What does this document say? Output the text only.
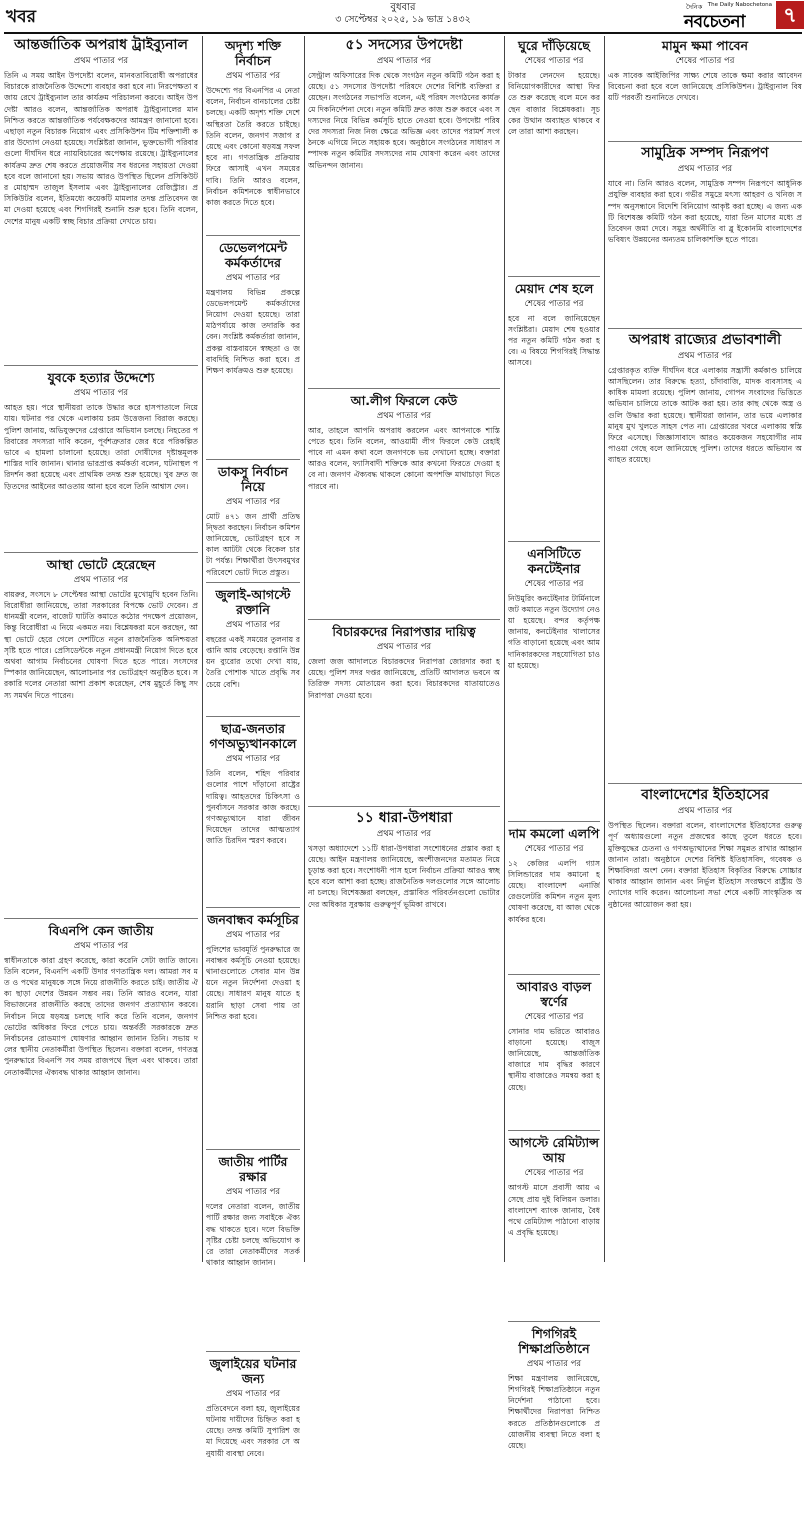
খবর	বুধবার
৩ সেপ্টেম্বর ২০২৫, ১৯ ভাদ্র ১৪৩২
দৈনিক The Daily Nabochetona
নবচেতনা	৭
আন্তর্জাতিক অপরাধ ট্রাইব্যুনাল
প্রথম পাতার পর
তিনি এ সময় আইন উপদেষ্টা বলেন, মানবতাবিরোধী অপরাধের বিচারকে রাজনৈতিক উদ্দেশ্যে ব্যবহার করা হবে না। নিরপেক্ষতা বজায় রেখে ট্রাইব্যুনাল তার কার্যক্রম পরিচালনা করবে। আইন উপদেষ্টা আরও বলেন, আন্তর্জাতিক অপরাধ ট্রাইব্যুনালের মান নিশ্চিত করতে আন্তর্জাতিক পর্যবেক্ষকদের আমন্ত্রণ জানানো হবে। এছাড়া নতুন বিচারক নিয়োগ এবং প্রসিকিউশন টিম শক্তিশালী করার উদ্যোগ নেওয়া হয়েছে। সংশ্লিষ্টরা জানান, ভুক্তভোগী পরিবারগুলো দীর্ঘদিন ধরে ন্যায়বিচারের অপেক্ষায় রয়েছে। ট্রাইব্যুনালের কার্যক্রম দ্রুত শেষ করতে প্রয়োজনীয় সব ধরনের সহায়তা দেওয়া হবে বলে জানানো হয়। সভায় আরও উপস্থিত ছিলেন প্রসিকিউটর মোহাম্মদ তাজুল ইসলাম এবং ট্রাইব্যুনালের রেজিস্ট্রার। প্রসিকিউটর বলেন, ইতিমধ্যে কয়েকটি মামলার তদন্ত প্রতিবেদন জমা দেওয়া হয়েছে এবং শিগগিরই শুনানি শুরু হবে। তিনি বলেন, দেশের মানুষ একটি স্বচ্ছ বিচার প্রক্রিয়া দেখতে চায়।
যুবকে হত্যার উদ্দেশ্যে
প্রথম পাতার পর
আহত হয়। পরে স্থানীয়রা তাকে উদ্ধার করে হাসপাতালে নিয়ে যায়। ঘটনার পর থেকে এলাকায় চরম উত্তেজনা বিরাজ করছে। পুলিশ জানায়, অভিযুক্তদের গ্রেপ্তারে অভিযান চলছে। নিহতের পরিবারের সদস্যরা দাবি করেন, পূর্বশত্রুতার জের ধরে পরিকল্পিতভাবে এ হামলা চালানো হয়েছে। তারা দোষীদের দৃষ্টান্তমূলক শাস্তির দাবি জানান। থানার ভারপ্রাপ্ত কর্মকর্তা বলেন, ঘটনাস্থল পরিদর্শন করা হয়েছে এবং প্রাথমিক তদন্ত শুরু হয়েছে। খুব দ্রুত জড়িতদের আইনের আওতায় আনা হবে বলে তিনি আশ্বাস দেন।
আস্থা ভোটে হেরেছেন
প্রথম পাতার পর
বায়রুর, সংসদে ৮ সেপ্টেম্বর আস্থা ভোটের মুখোমুখি হবেন তিনি। বিরোধীরা জানিয়েছে, তারা সরকারের বিপক্ষে ভোট দেবেন। প্রধানমন্ত্রী বলেন, বাজেট ঘাটতি কমাতে কঠোর পদক্ষেপ প্রয়োজন, কিন্তু বিরোধীরা এ নিয়ে একমত নয়। বিশ্লেষকরা মনে করছেন, আস্থা ভোটে হেরে গেলে দেশটিতে নতুন রাজনৈতিক অনিশ্চয়তা সৃষ্টি হতে পারে। প্রেসিডেন্টকে নতুন প্রধানমন্ত্রী নিয়োগ দিতে হবে অথবা আগাম নির্বাচনের ঘোষণা দিতে হতে পারে। সংসদের স্পিকার জানিয়েছেন, আলোচনার পর ভোটগ্রহণ অনুষ্ঠিত হবে। সরকারি দলের নেতারা আশা প্রকাশ করেছেন, শেষ মুহূর্তে কিছু সদস্য সমর্থন দিতে পারেন।
বিএনপি কেন জাতীয়
প্রথম পাতার পর
স্বাধীনতাকে কারা গ্রহণ করেছে, কারা করেনি সেটা জাতি জানে। তিনি বলেন, বিএনপি একটি উদার গণতান্ত্রিক দল। আমরা সব মত ও পথের মানুষকে সঙ্গে নিয়ে রাজনীতি করতে চাই। জাতীয় ঐক্য ছাড়া দেশের উন্নয়ন সম্ভব নয়। তিনি আরও বলেন, যারা বিভাজনের রাজনীতি করছে তাদের জনগণ প্রত্যাখ্যান করবে। নির্বাচন নিয়ে ষড়যন্ত্র চলছে দাবি করে তিনি বলেন, জনগণ ভোটের অধিকার ফিরে পেতে চায়। অন্তর্বর্তী সরকারকে দ্রুত নির্বাচনের রোডম্যাপ ঘোষণার আহ্বান জানান তিনি। সভায় দলের স্থানীয় নেতাকর্মীরা উপস্থিত ছিলেন। বক্তারা বলেন, গণতন্ত্র পুনরুদ্ধারে বিএনপি সব সময় রাজপথে ছিল এবং থাকবে। তারা নেতাকর্মীদের ঐক্যবদ্ধ থাকার আহ্বান জানান।
অদৃশ্য শক্তি নির্বাচন
প্রথম পাতার পর
উদ্দেশ্যে পর বিএনপির এ নেতা বলেন, নির্বাচন বানচালের চেষ্টা চলছে। একটি অদৃশ্য শক্তি দেশে অস্থিরতা তৈরি করতে চাইছে। তিনি বলেন, জনগণ সজাগ রয়েছে এবং কোনো ষড়যন্ত্র সফল হবে না। গণতান্ত্রিক প্রক্রিয়ায় ফিরে আসাই এখন সময়ের দাবি। তিনি আরও বলেন, নির্বাচন কমিশনকে স্বাধীনভাবে কাজ করতে দিতে হবে।
ডেভেলপমেন্ট কর্মকর্তাদের
প্রথম পাতার পর
মন্ত্রণালয় বিভিন্ন প্রকল্পে ডেভেলপমেন্ট কর্মকর্তাদের নিয়োগ দেওয়া হয়েছে। তারা মাঠপর্যায়ে কাজ তদারকি করবেন। সংশ্লিষ্ট কর্মকর্তারা জানান, প্রকল্প বাস্তবায়নে স্বচ্ছতা ও জবাবদিহি নিশ্চিত করা হবে। প্রশিক্ষণ কার্যক্রমও শুরু হয়েছে।
ডাকসু নির্বাচন নিয়ে
প্রথম পাতার পর
মোট ৪৭১ জন প্রার্থী প্রতিদ্বন্দ্বিতা করছেন। নির্বাচন কমিশন জানিয়েছে, ভোটগ্রহণ হবে সকাল আটটা থেকে বিকেল চারটা পর্যন্ত। শিক্ষার্থীরা উৎসবমুখর পরিবেশে ভোট দিতে প্রস্তুত।
জুলাই-আগস্টে রক্তানি
প্রথম পাতার পর
বছরের একই সময়ের তুলনায় রপ্তানি আয় বেড়েছে। রপ্তানি উন্নয়ন ব্যুরোর তথ্যে দেখা যায়, তৈরি পোশাক খাতে প্রবৃদ্ধি সবচেয়ে বেশি।
ছাত্র-জনতার গণঅভ্যুত্থানকালে
প্রথম পাতার পর
তিনি বলেন, শহিদ পরিবারগুলোর পাশে দাঁড়ানো রাষ্ট্রের দায়িত্ব। আহতদের চিকিৎসা ও পুনর্বাসনে সরকার কাজ করছে। গণঅভ্যুত্থানে যারা জীবন দিয়েছেন তাদের আত্মত্যাগ জাতি চিরদিন স্মরণ করবে।
জনবান্ধব কর্মসূচির
প্রথম পাতার পর
পুলিশের ভাবমূর্তি পুনরুদ্ধারে জনবান্ধব কর্মসূচি নেওয়া হয়েছে। থানাগুলোতে সেবার মান উন্নয়নে নতুন নির্দেশনা দেওয়া হয়েছে। সাধারণ মানুষ যাতে হয়রানি ছাড়া সেবা পায় তা নিশ্চিত করা হবে।
জাতীয় পার্টির রক্ষার
প্রথম পাতার পর
দলের নেতারা বলেন, জাতীয় পার্টি রক্ষার জন্য সবাইকে ঐক্যবদ্ধ থাকতে হবে। দলে বিভক্তি সৃষ্টির চেষ্টা চলছে অভিযোগ করে তারা নেতাকর্মীদের সতর্ক থাকার আহ্বান জানান।
জুলাইয়ের ঘটনার জন্য
প্রথম পাতার পর
প্রতিবেদনে বলা হয়, জুলাইয়ের ঘটনায় দায়ীদের চিহ্নিত করা হয়েছে। তদন্ত কমিটি সুপারিশ জমা দিয়েছে এবং সরকার সে অনুযায়ী ব্যবস্থা নেবে।
৫১ সদস্যের উপদেষ্টা
প্রথম পাতার পর
সেন্ট্রাল অফিসারের দিক থেকে সংগঠন নতুন কমিটি গঠন করা হয়েছে। ৫১ সদস্যের উপদেষ্টা পরিষদে দেশের বিশিষ্ট ব্যক্তিরা রয়েছেন। সংগঠনের সভাপতি বলেন, এই পরিষদ সংগঠনের কার্যক্রমে দিকনির্দেশনা দেবে। নতুন কমিটি দ্রুত কাজ শুরু করবে এবং সদস্যদের নিয়ে বিভিন্ন কর্মসূচি হাতে নেওয়া হবে। উপদেষ্টা পরিষদের সদস্যরা নিজ নিজ ক্ষেত্রে অভিজ্ঞ এবং তাদের পরামর্শ সংগঠনকে এগিয়ে নিতে সহায়ক হবে। অনুষ্ঠানে সংগঠনের সাধারণ সম্পাদক নতুন কমিটির সদস্যদের নাম ঘোষণা করেন এবং তাদের অভিনন্দন জানান।
আ.লীগ ফিরলে কেউ
প্রথম পাতার পর
আর, তাহলে আপনি অপরাধ করলেন এবং আপনাকে শাস্তি পেতে হবে। তিনি বলেন, আওয়ামী লীগ ফিরলে কেউ রেহাই পাবে না এমন কথা বলে জনগণকে ভয় দেখানো হচ্ছে। বক্তারা আরও বলেন, ফ্যাসিবাদী শক্তিকে আর কখনো ফিরতে দেওয়া হবে না। জনগণ ঐক্যবদ্ধ থাকলে কোনো অপশক্তি মাথাচাড়া দিতে পারবে না।
বিচারকদের নিরাপত্তার দায়িত্ব
প্রথম পাতার পর
জেলা জজ আদালতে বিচারকদের নিরাপত্তা জোরদার করা হয়েছে। পুলিশ সদর দপ্তর জানিয়েছে, প্রতিটি আদালত ভবনে অতিরিক্ত সদস্য মোতায়েন করা হবে। বিচারকদের যাতায়াতেও নিরাপত্তা দেওয়া হবে।
১১ ধারা-উপধারা
প্রথম পাতার পর
খসড়া অধ্যাদেশে ১১টি ধারা-উপধারা সংশোধনের প্রস্তাব করা হয়েছে। আইন মন্ত্রণালয় জানিয়েছে, অংশীজনদের মতামত নিয়ে চূড়ান্ত করা হবে। সংশোধনী পাস হলে নির্বাচন প্রক্রিয়া আরও স্বচ্ছ হবে বলে আশা করা হচ্ছে। রাজনৈতিক দলগুলোর সঙ্গে আলোচনা চলছে। বিশেষজ্ঞরা বলছেন, প্রস্তাবিত পরিবর্তনগুলো ভোটারদের অধিকার সুরক্ষায় গুরুত্বপূর্ণ ভূমিকা রাখবে।
ঘুরে দাঁড়িয়েছে
শেষের পাতার পর
টাকার লেনদেন হয়েছে। বিনিয়োগকারীদের আস্থা ফিরতে শুরু করেছে বলে মনে করছেন বাজার বিশ্লেষকরা। সূচকের উত্থান অব্যাহত থাকবে বলে তারা আশা করছেন।
মেয়াদ শেষ হলে
শেষের পাতার পর
হবে না বলে জানিয়েছেন সংশ্লিষ্টরা। মেয়াদ শেষ হওয়ার পর নতুন কমিটি গঠন করা হবে। এ বিষয়ে শিগগিরই সিদ্ধান্ত আসবে।
এনসিটিতে কনটেইনার
শেষের পাতার পর
নিউমুরিং কনটেইনার টার্মিনালে জট কমাতে নতুন উদ্যোগ নেওয়া হয়েছে। বন্দর কর্তৃপক্ষ জানায়, কনটেইনার খালাসের গতি বাড়ানো হয়েছে এবং আমদানিকারকদের সহযোগিতা চাওয়া হয়েছে।
দাম কমলো এলপি
শেষের পাতার পর
১২ কেজির এলপি গ্যাস সিলিন্ডারের দাম কমানো হয়েছে। বাংলাদেশ এনার্জি রেগুলেটরি কমিশন নতুন মূল্য ঘোষণা করেছে, যা আজ থেকে কার্যকর হবে।
আবারও বাড়ল স্বর্ণের
শেষের পাতার পর
সোনার দাম ভরিতে আবারও বাড়ানো হয়েছে। বাজুস জানিয়েছে, আন্তর্জাতিক বাজারে দাম বৃদ্ধির কারণে স্থানীয় বাজারেও সমন্বয় করা হয়েছে।
আগস্টে রেমিট্যান্স আয়
শেষের পাতার পর
আগস্ট মাসে প্রবাসী আয় এসেছে প্রায় দুই বিলিয়ন ডলার। বাংলাদেশ ব্যাংক জানায়, বৈধ পথে রেমিট্যান্স পাঠানো বাড়ায় এ প্রবৃদ্ধি হয়েছে।
শিগগিরই শিক্ষাপ্রতিষ্ঠানে
প্রথম পাতার পর
শিক্ষা মন্ত্রণালয় জানিয়েছে, শিগগিরই শিক্ষাপ্রতিষ্ঠানে নতুন নির্দেশনা পাঠানো হবে। শিক্ষার্থীদের নিরাপত্তা নিশ্চিত করতে প্রতিষ্ঠানগুলোকে প্রয়োজনীয় ব্যবস্থা নিতে বলা হয়েছে।
মামুন ক্ষমা পাবেন
শেষের পাতার পর
এক সাবেক আইজিপির সাক্ষ্য শেষে তাকে ক্ষমা করার আবেদন বিবেচনা করা হবে বলে জানিয়েছে প্রসিকিউশন। ট্রাইব্যুনাল বিষয়টি পরবর্তী শুনানিতে দেখবে।
সামুদ্রিক সম্পদ নিরূপণ
প্রথম পাতার পর
যাবে না। তিনি আরও বলেন, সামুদ্রিক সম্পদ নিরূপণে আধুনিক প্রযুক্তি ব্যবহার করা হবে। গভীর সমুদ্রে মৎস্য আহরণ ও খনিজ সম্পদ অনুসন্ধানে বিদেশি বিনিয়োগ আকৃষ্ট করা হচ্ছে। এ জন্য একটি বিশেষজ্ঞ কমিটি গঠন করা হয়েছে, যারা তিন মাসের মধ্যে প্রতিবেদন জমা দেবে। সমুদ্র অর্থনীতি বা ব্লু ইকোনমি বাংলাদেশের ভবিষ্যৎ উন্নয়নের অন্যতম চালিকাশক্তি হতে পারে।
অপরাধ রাজ্যের প্রভাবশালী
প্রথম পাতার পর
গ্রেপ্তারকৃত ব্যক্তি দীর্ঘদিন ধরে এলাকায় সন্ত্রাসী কর্মকাণ্ড চালিয়ে আসছিলেন। তার বিরুদ্ধে হত্যা, চাঁদাবাজি, মাদক ব্যবসাসহ একাধিক মামলা রয়েছে। পুলিশ জানায়, গোপন সংবাদের ভিত্তিতে অভিযান চালিয়ে তাকে আটক করা হয়। তার কাছ থেকে অস্ত্র ও গুলি উদ্ধার করা হয়েছে। স্থানীয়রা জানান, তার ভয়ে এলাকার মানুষ মুখ খুলতে সাহস পেত না। গ্রেপ্তারের খবরে এলাকায় স্বস্তি ফিরে এসেছে। জিজ্ঞাসাবাদে আরও কয়েকজন সহযোগীর নাম পাওয়া গেছে বলে জানিয়েছে পুলিশ। তাদের ধরতে অভিযান অব্যাহত রয়েছে।
বাংলাদেশের ইতিহাসের
প্রথম পাতার পর
উপস্থিত ছিলেন। বক্তারা বলেন, বাংলাদেশের ইতিহাসের গুরুত্বপূর্ণ অধ্যায়গুলো নতুন প্রজন্মের কাছে তুলে ধরতে হবে। মুক্তিযুদ্ধের চেতনা ও গণঅভ্যুত্থানের শিক্ষা সমুন্নত রাখার আহ্বান জানান তারা। অনুষ্ঠানে দেশের বিশিষ্ট ইতিহাসবিদ, গবেষক ও শিক্ষাবিদরা অংশ নেন। বক্তারা ইতিহাস বিকৃতির বিরুদ্ধে সোচ্চার থাকার আহ্বান জানান এবং নির্ভুল ইতিহাস সংরক্ষণে রাষ্ট্রীয় উদ্যোগের দাবি করেন। আলোচনা সভা শেষে একটি সাংস্কৃতিক অনুষ্ঠানের আয়োজন করা হয়।
